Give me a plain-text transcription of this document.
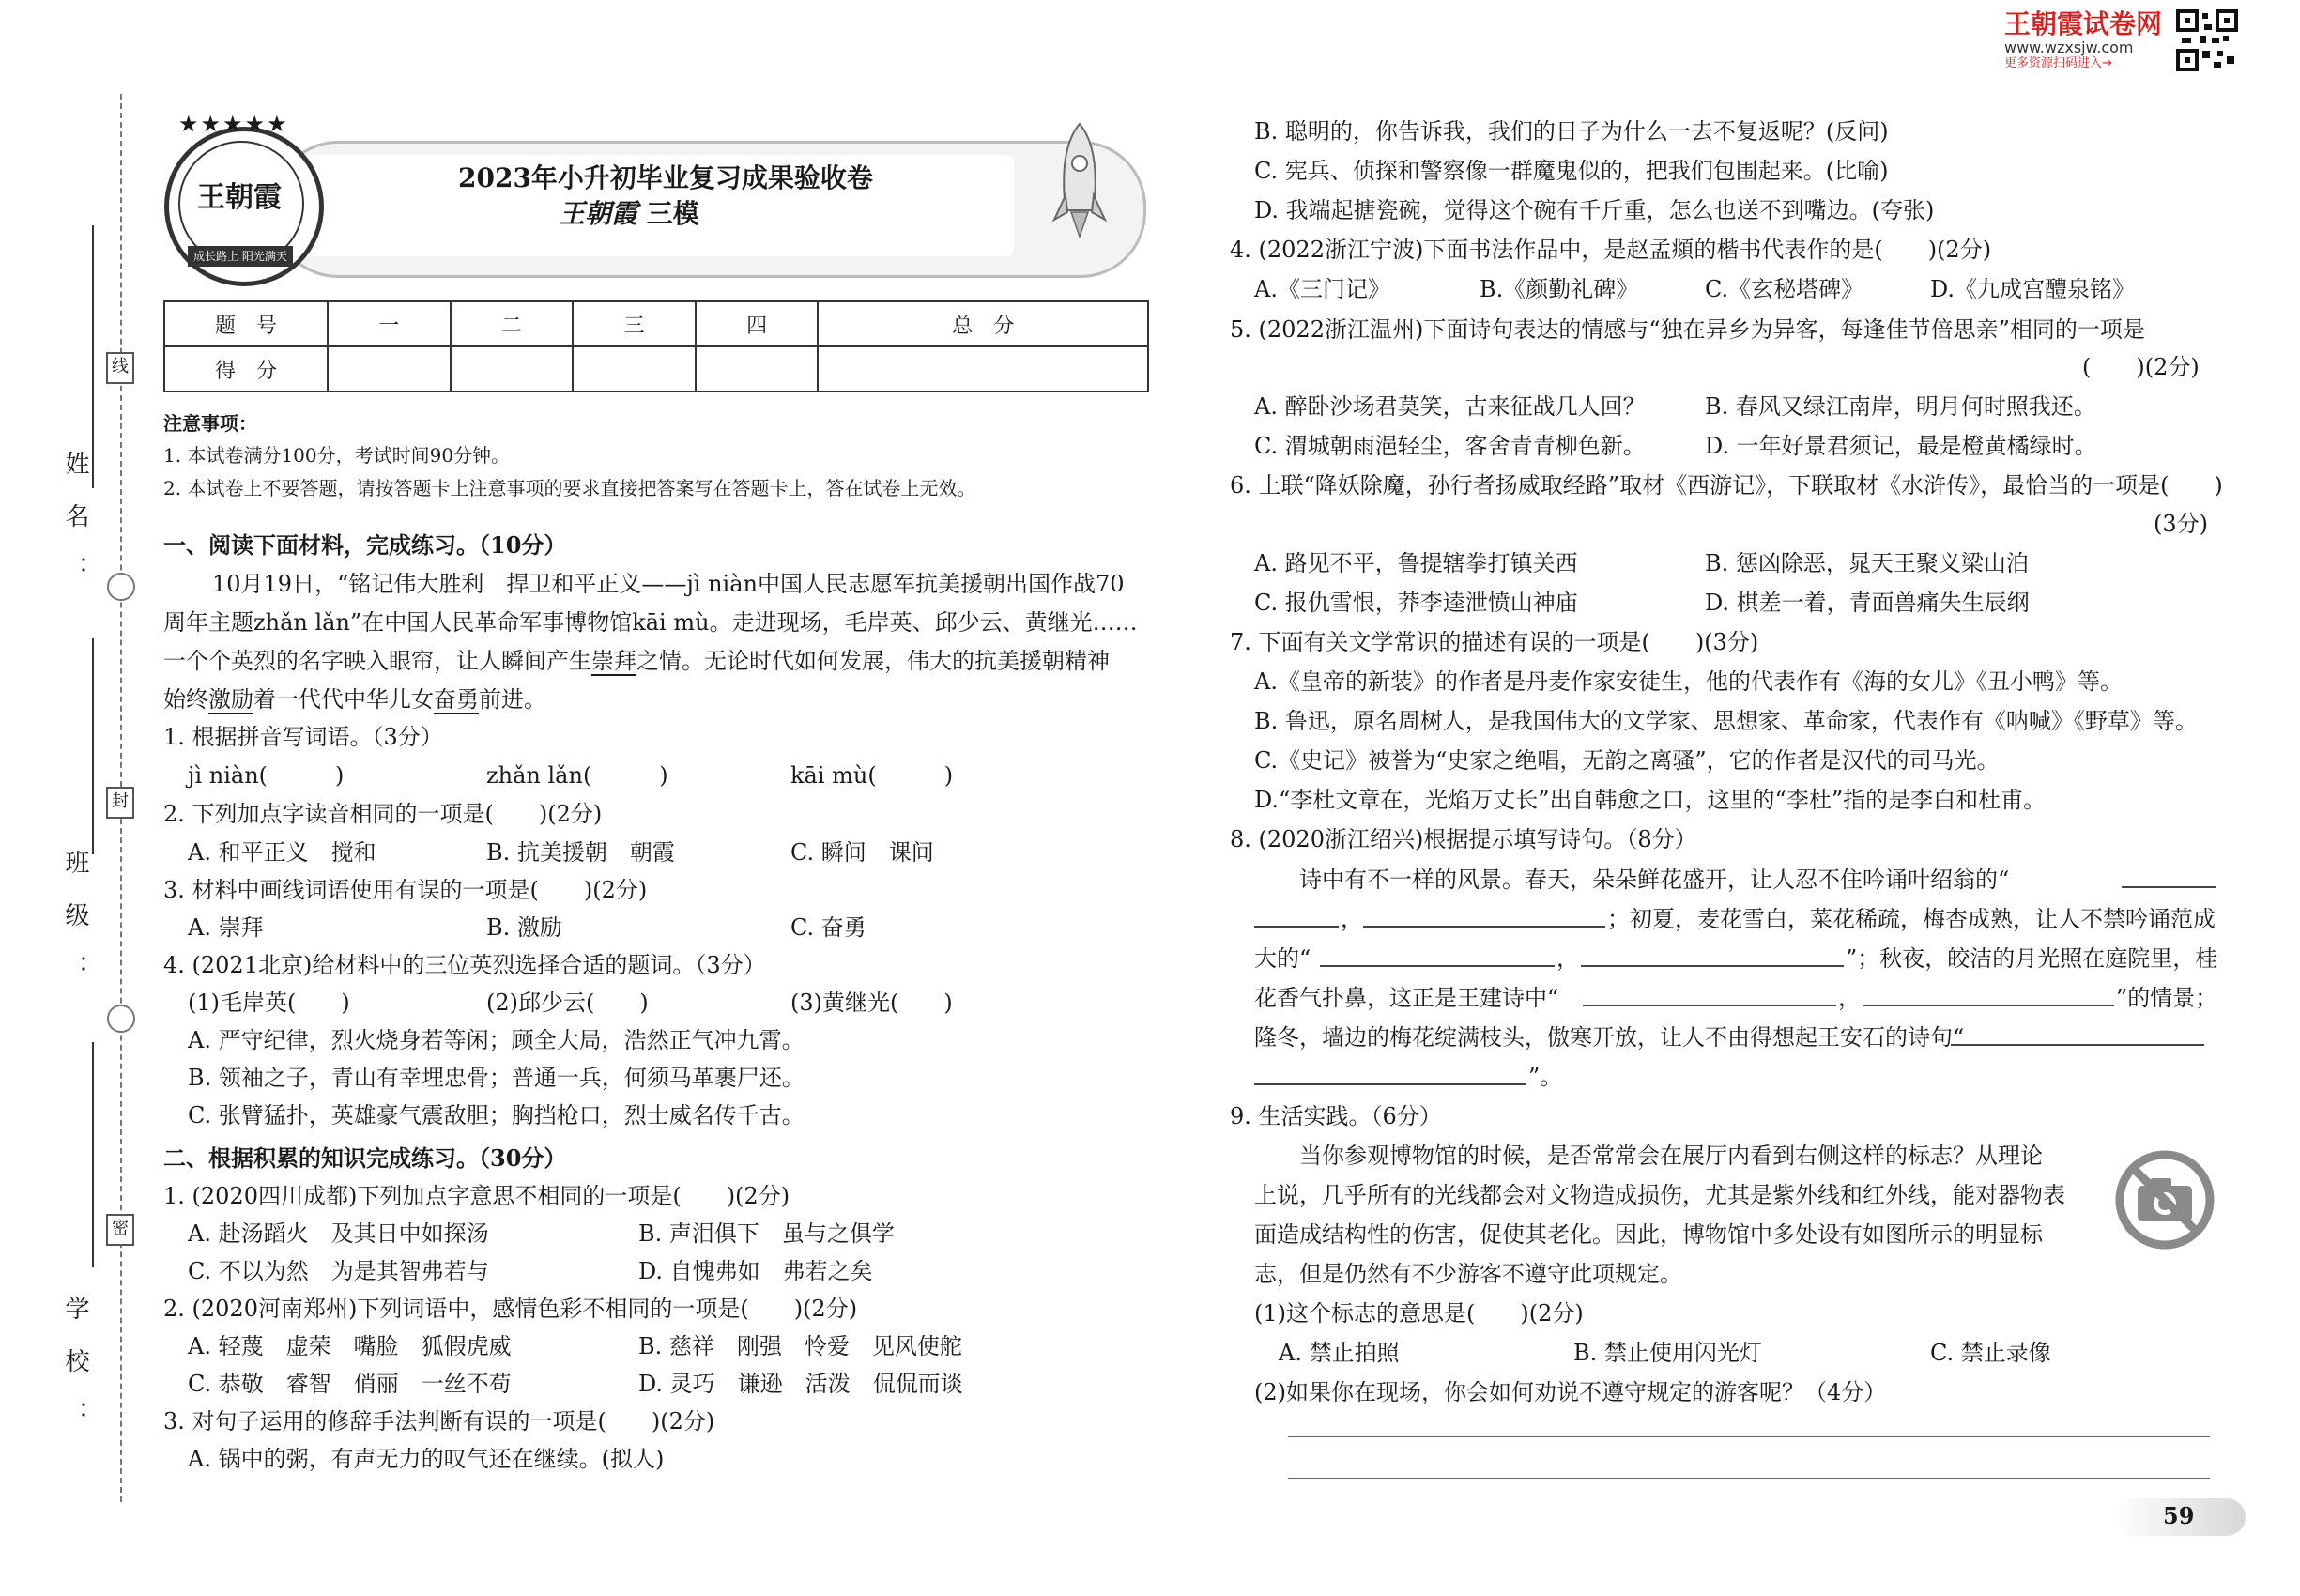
姓名：
班级：
学校：
线
封
密
★★★★★
王朝霞
成长路上 阳光满天
2023年小升初毕业复习成果验收卷
王朝霞 三模
题　号	一	二	三	四	总　分
得　分					
注意事项：
1. 本试卷满分100分，考试时间90分钟。
2. 本试卷上不要答题，请按答题卡上注意事项的要求直接把答案写在答题卡上，答在试卷上无效。
一、阅读下面材料，完成练习。（10分）
10月19日，“铭记伟大胜利　捍卫和平正义——jì niàn中国人民志愿军抗美援朝出国作战70
周年主题zhǎn lǎn”在中国人民革命军事博物馆kāi mù。走进现场，毛岸英、邱少云、黄继光……
一个个英烈的名字映入眼帘，让人瞬间产生崇拜之情。无论时代如何发展，伟大的抗美援朝精神
始终激励着一代代中华儿女奋勇前进。
1. 根据拼音写词语。（3分）
jì niàn(　　　)	zhǎn lǎn(　　　)	kāi mù(　　　)
2. 下列加点字读音相同的一项是(　　)(2分)
A. 和平正义　搅和	B. 抗美援朝　朝霞	C. 瞬间　课间
3. 材料中画线词语使用有误的一项是(　　)(2分)
A. 崇拜	B. 激励	C. 奋勇
4. (2021北京)给材料中的三位英烈选择合适的题词。（3分）
(1)毛岸英(　　)	(2)邱少云(　　)	(3)黄继光(　　)
A. 严守纪律，烈火烧身若等闲；顾全大局，浩然正气冲九霄。
B. 领袖之子，青山有幸埋忠骨；普通一兵，何须马革裹尸还。
C. 张臂猛扑，英雄豪气震敌胆；胸挡枪口，烈士威名传千古。
二、根据积累的知识完成练习。（30分）
1. (2020四川成都)下列加点字意思不相同的一项是(　　)(2分)
A. 赴汤蹈火　及其日中如探汤	B. 声泪俱下　虽与之俱学
C. 不以为然　为是其智弗若与	D. 自愧弗如　弗若之矣
2. (2020河南郑州)下列词语中，感情色彩不相同的一项是(　　)(2分)
A. 轻蔑　虚荣　嘴脸　狐假虎威	B. 慈祥　刚强　怜爱　见风使舵
C. 恭敬　睿智　俏丽　一丝不苟	D. 灵巧　谦逊　活泼　侃侃而谈
3. 对句子运用的修辞手法判断有误的一项是(　　)(2分)
A. 锅中的粥，有声无力的叹气还在继续。(拟人)
王朝霞试卷网
www.wzxsjw.com
更多资源扫码进入→
B. 聪明的，你告诉我，我们的日子为什么一去不复返呢？(反问)
C. 宪兵、侦探和警察像一群魔鬼似的，把我们包围起来。(比喻)
D. 我端起搪瓷碗，觉得这个碗有千斤重，怎么也送不到嘴边。(夸张)
4. (2022浙江宁波)下面书法作品中，是赵孟頫的楷书代表作的是(　　)(2分)
A.《三门记》	B.《颜勤礼碑》	C.《玄秘塔碑》	D.《九成宫醴泉铭》
5. (2022浙江温州)下面诗句表达的情感与“独在异乡为异客，每逢佳节倍思亲”相同的一项是
(　　)(2分)
A. 醉卧沙场君莫笑，古来征战几人回？	B. 春风又绿江南岸，明月何时照我还。
C. 渭城朝雨浥轻尘，客舍青青柳色新。	D. 一年好景君须记，最是橙黄橘绿时。
6. 上联“降妖除魔，孙行者扬威取经路”取材《西游记》，下联取材《水浒传》，最恰当的一项是(　　)
(3分)
A. 路见不平，鲁提辖拳打镇关西	B. 惩凶除恶，晁天王聚义梁山泊
C. 报仇雪恨，莽李逵泄愤山神庙	D. 棋差一着，青面兽痛失生辰纲
7. 下面有关文学常识的描述有误的一项是(　　)(3分)
A.《皇帝的新装》的作者是丹麦作家安徒生，他的代表作有《海的女儿》《丑小鸭》等。
B. 鲁迅，原名周树人，是我国伟大的文学家、思想家、革命家，代表作有《呐喊》《野草》等。
C.《史记》被誉为“史家之绝唱，无韵之离骚”，它的作者是汉代的司马光。
D.“李杜文章在，光焰万丈长”出自韩愈之口，这里的“李杜”指的是李白和杜甫。
8. (2020浙江绍兴)根据提示填写诗句。（8分）
诗中有不一样的风景。春天，朵朵鲜花盛开，让人忍不住吟诵叶绍翁的“
，	；初夏，麦花雪白，菜花稀疏，梅杏成熟，让人不禁吟诵范成
大的“	，	”；秋夜，皎洁的月光照在庭院里，桂
花香气扑鼻，这正是王建诗中“	，	”的情景；
隆冬，墙边的梅花绽满枝头，傲寒开放，让人不由得想起王安石的诗句“
”。
9. 生活实践。（6分）
当你参观博物馆的时候，是否常常会在展厅内看到右侧这样的标志？从理论
上说，几乎所有的光线都会对文物造成损伤，尤其是紫外线和红外线，能对器物表
面造成结构性的伤害，促使其老化。因此，博物馆中多处设有如图所示的明显标
志，但是仍然有不少游客不遵守此项规定。
(1)这个标志的意思是(　　)(2分)
A. 禁止拍照	B. 禁止使用闪光灯	C. 禁止录像
(2)如果你在现场，你会如何劝说不遵守规定的游客呢？（4分）
59
